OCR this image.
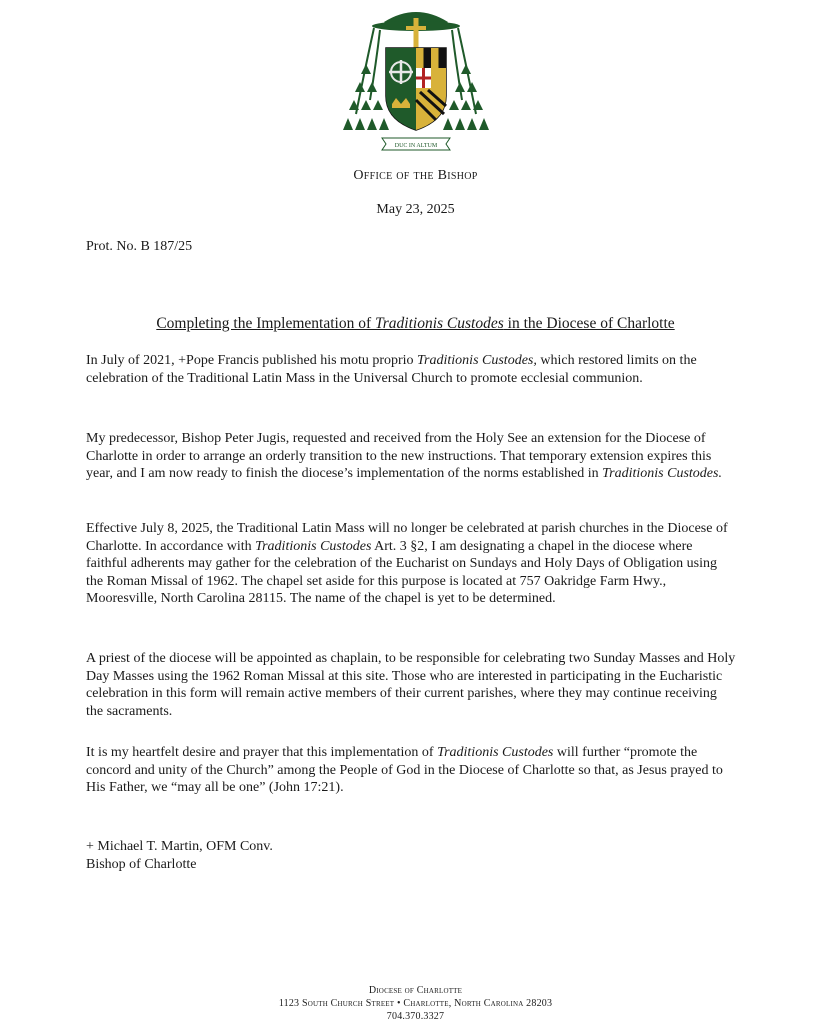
DUC IN ALTUM
Office of the Bishop
May 23, 2025
Prot. No. B 187/25
Completing the Implementation of Traditionis Custodes in the Diocese of Charlotte

In July of 2021, +Pope Francis published his motu proprio Traditionis Custodes, which restored limits on the celebration of the Traditional Latin Mass in the Universal Church to promote ecclesial communion.

My predecessor, Bishop Peter Jugis, requested and received from the Holy See an extension for the Diocese of Charlotte in order to arrange an orderly transition to the new instructions. That temporary extension expires this year, and I am now ready to finish the diocese’s implementation of the norms established in Traditionis Custodes.

Effective July 8, 2025, the Traditional Latin Mass will no longer be celebrated at parish churches in the Diocese of Charlotte. In accordance with Traditionis Custodes Art. 3 §2, I am designating a chapel in the diocese where faithful adherents may gather for the celebration of the Eucharist on Sundays and Holy Days of Obligation using the Roman Missal of 1962. The chapel set aside for this purpose is located at 757 Oakridge Farm Hwy., Mooresville, North Carolina 28115. The name of the chapel is yet to be determined.

A priest of the diocese will be appointed as chaplain, to be responsible for celebrating two Sunday Masses and Holy Day Masses using the 1962 Roman Missal at this site. Those who are interested in participating in the Eucharistic celebration in this form will remain active members of their current parishes, where they may continue receiving the sacraments.

It is my heartfelt desire and prayer that this implementation of Traditionis Custodes will further “promote the concord and unity of the Church” among the People of God in the Diocese of Charlotte so that, as Jesus prayed to His Father, we “may all be one” (John 17:21).

+ Michael T. Martin, OFM Conv.
Bishop of Charlotte
Diocese of Charlotte
1123 South Church Street • Charlotte, North Carolina 28203
704.370.3327
